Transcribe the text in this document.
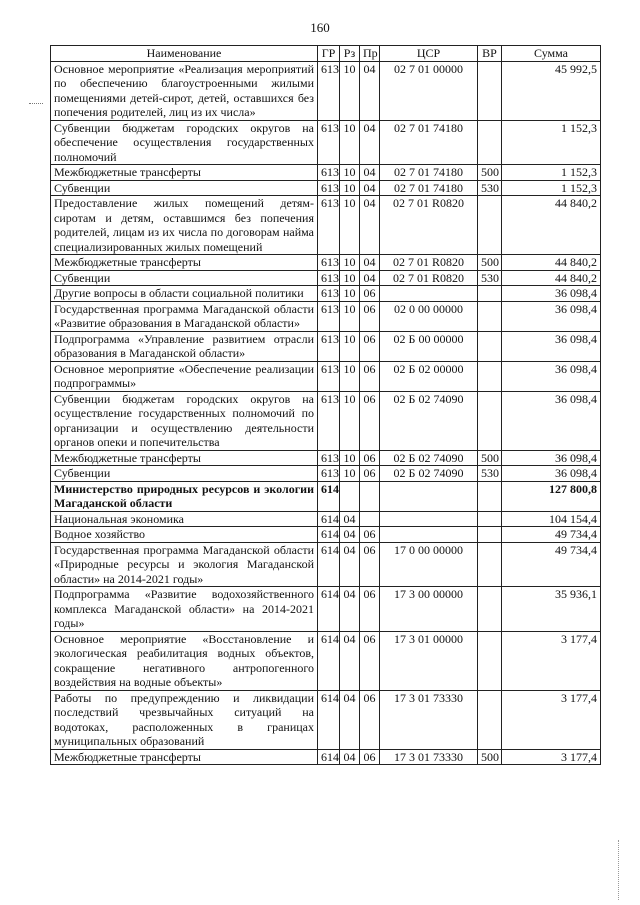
160
Наименование	ГР	Рз	Пр	ЦСР	ВР	Сумма
Основное мероприятие «Реализация мероприятий по обеспечению благоустроенными жилыми помещениями детей-сирот, детей, оставшихся без попечения родителей, лиц из их числа»	613	10	04	02 7 01 00000		45 992,5
Субвенции бюджетам городских округов на обеспечение осуществления государственных полномочий	613	10	04	02 7 01 74180		1 152,3
Межбюджетные трансферты	613	10	04	02 7 01 74180	500	1 152,3
Субвенции	613	10	04	02 7 01 74180	530	1 152,3
Предоставление жилых помещений детям-сиротам и детям, оставшимся без попечения родителей, лицам из их числа по договорам найма специализированных жилых помещений	613	10	04	02 7 01 R0820		44 840,2
Межбюджетные трансферты	613	10	04	02 7 01 R0820	500	44 840,2
Субвенции	613	10	04	02 7 01 R0820	530	44 840,2
Другие вопросы в области социальной политики	613	10	06			36 098,4
Государственная программа Магаданской области «Развитие образования в Магаданской области»	613	10	06	02 0 00 00000		36 098,4
Подпрограмма «Управление развитием отрасли образования в Магаданской области»	613	10	06	02 Б 00 00000		36 098,4
Основное мероприятие «Обеспечение реализации подпрограммы»	613	10	06	02 Б 02 00000		36 098,4
Субвенции бюджетам городских округов на осуществление государственных полномочий по организации и осуществлению деятельности органов опеки и попечительства	613	10	06	02 Б 02 74090		36 098,4
Межбюджетные трансферты	613	10	06	02 Б 02 74090	500	36 098,4
Субвенции	613	10	06	02 Б 02 74090	530	36 098,4
Министерство природных ресурсов и экологии Магаданской области	614					127 800,8
Национальная экономика	614	04				104 154,4
Водное хозяйство	614	04	06			49 734,4
Государственная программа Магаданской области «Природные ресурсы и экология Магаданской области» на 2014-2021 годы»	614	04	06	17 0 00 00000		49 734,4
Подпрограмма «Развитие водохозяйственного комплекса Магаданской области» на 2014-2021 годы»	614	04	06	17 3 00 00000		35 936,1
Основное мероприятие «Восстановление и экологическая реабилитация водных объектов, сокращение негативного антропогенного воздействия на водные объекты»	614	04	06	17 3 01 00000		3 177,4
Работы по предупреждению и ликвидации последствий чрезвычайных ситуаций на водотоках, расположенных в границах муниципальных образований	614	04	06	17 3 01 73330		3 177,4
Межбюджетные трансферты	614	04	06	17 3 01 73330	500	3 177,4
